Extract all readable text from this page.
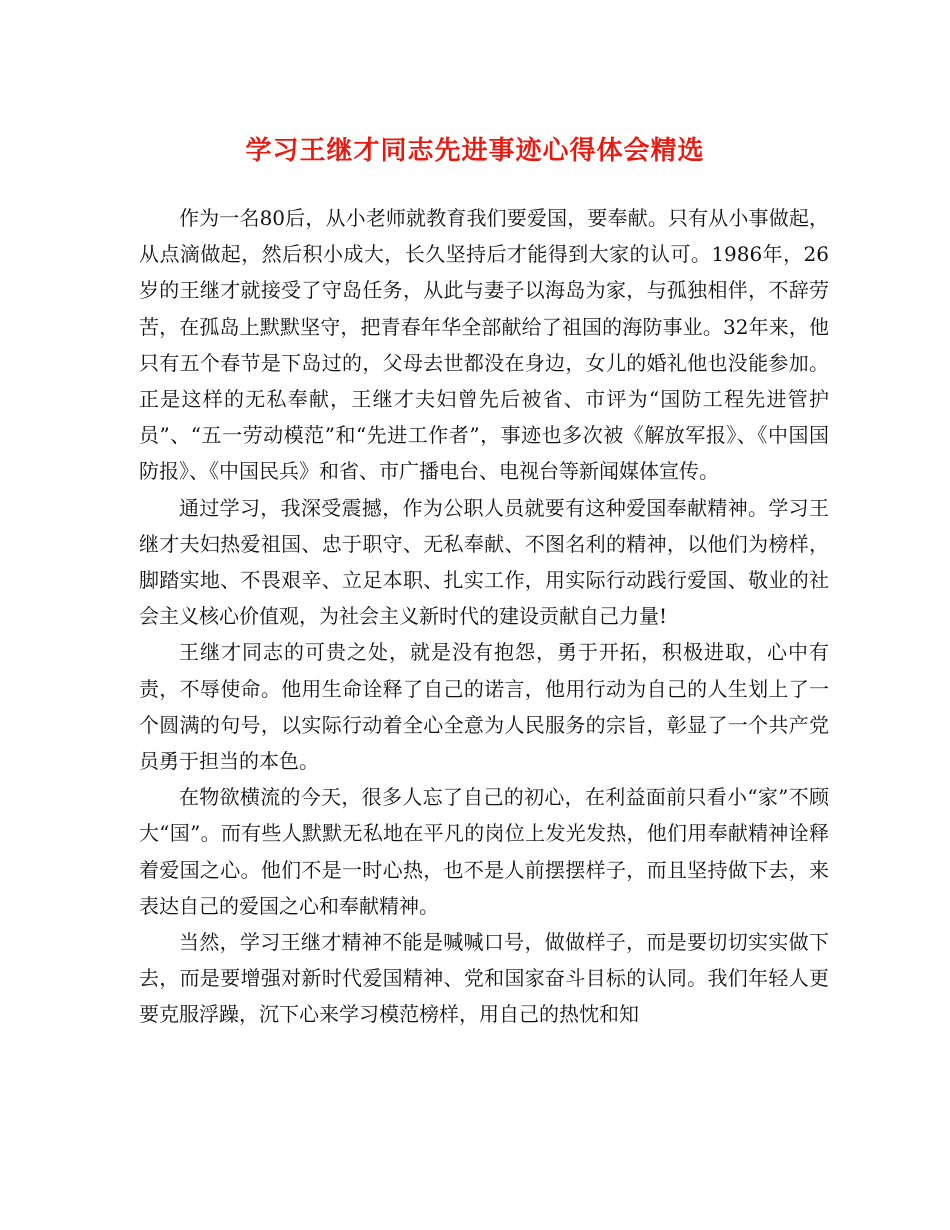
学习王继才同志先进事迹心得体会精选

作为一名80后，从小老师就教育我们要爱国，要奉献。只有从小事做起，从点滴做起，然后积小成大，长久坚持后才能得到大家的认可。1986年，26岁的王继才就接受了守岛任务，从此与妻子以海岛为家，与孤独相伴，不辞劳苦，在孤岛上默默坚守，把青春年华全部献给了祖国的海防事业。32年来，他只有五个春节是下岛过的，父母去世都没在身边，女儿的婚礼他也没能参加。正是这样的无私奉献，王继才夫妇曾先后被省、市评为“国防工程先进管护员”、“五一劳动模范”和“先进工作者”，事迹也多次被《解放军报》、《中国国防报》、《中国民兵》和省、市广播电台、电视台等新闻媒体宣传。

通过学习，我深受震撼，作为公职人员就要有这种爱国奉献精神。学习王继才夫妇热爱祖国、忠于职守、无私奉献、不图名利的精神，以他们为榜样，脚踏实地、不畏艰辛、立足本职、扎实工作，用实际行动践行爱国、敬业的社会主义核心价值观，为社会主义新时代的建设贡献自己力量!

王继才同志的可贵之处，就是没有抱怨，勇于开拓，积极进取，心中有责，不辱使命。他用生命诠释了自己的诺言，他用行动为自己的人生划上了一个圆满的句号，以实际行动着全心全意为人民服务的宗旨，彰显了一个共产党员勇于担当的本色。

在物欲横流的今天，很多人忘了自己的初心，在利益面前只看小“家”不顾大“国”。而有些人默默无私地在平凡的岗位上发光发热，他们用奉献精神诠释着爱国之心。他们不是一时心热，也不是人前摆摆样子，而且坚持做下去，来表达自己的爱国之心和奉献精神。

当然，学习王继才精神不能是喊喊口号，做做样子，而是要切切实实做下去，而是要增强对新时代爱国精神、党和国家奋斗目标的认同。我们年轻人更要克服浮躁，沉下心来学习模范榜样，用自己的热忱和知
